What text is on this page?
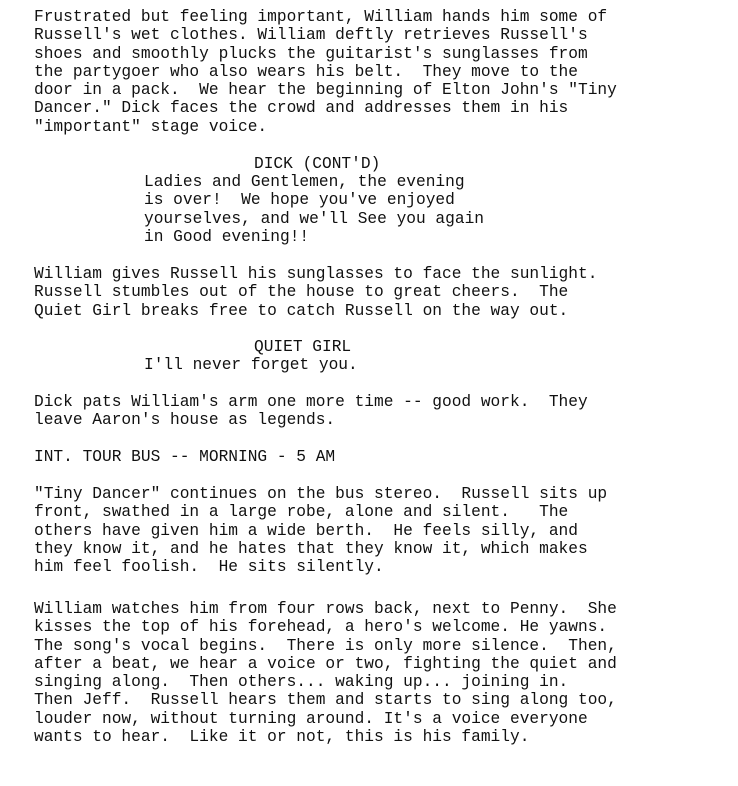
Frustrated but feeling important, William hands him some of
Russell's wet clothes. William deftly retrieves Russell's
shoes and smoothly plucks the guitarist's sunglasses from
the partygoer who also wears his belt.  They move to the
door in a pack.  We hear the beginning of Elton John's "Tiny
Dancer." Dick faces the crowd and addresses them in his
"important" stage voice.

DICK (CONT'D)

Ladies and Gentlemen, the evening
is over!  We hope you've enjoyed
yourselves, and we'll See you again
in Good evening!!

William gives Russell his sunglasses to face the sunlight.
Russell stumbles out of the house to great cheers.  The
Quiet Girl breaks free to catch Russell on the way out.

QUIET GIRL

I'll never forget you.

Dick pats William's arm one more time -- good work.  They
leave Aaron's house as legends.

INT. TOUR BUS -- MORNING - 5 AM

"Tiny Dancer" continues on the bus stereo.  Russell sits up
front, swathed in a large robe, alone and silent.   The
others have given him a wide berth.  He feels silly, and
they know it, and he hates that they know it, which makes
him feel foolish.  He sits silently.

William watches him from four rows back, next to Penny.  She
kisses the top of his forehead, a hero's welcome. He yawns.
The song's vocal begins.  There is only more silence.  Then,
after a beat, we hear a voice or two, fighting the quiet and
singing along.  Then others... waking up... joining in.
Then Jeff.  Russell hears them and starts to sing along too,
louder now, without turning around. It's a voice everyone
wants to hear.  Like it or not, this is his family.
